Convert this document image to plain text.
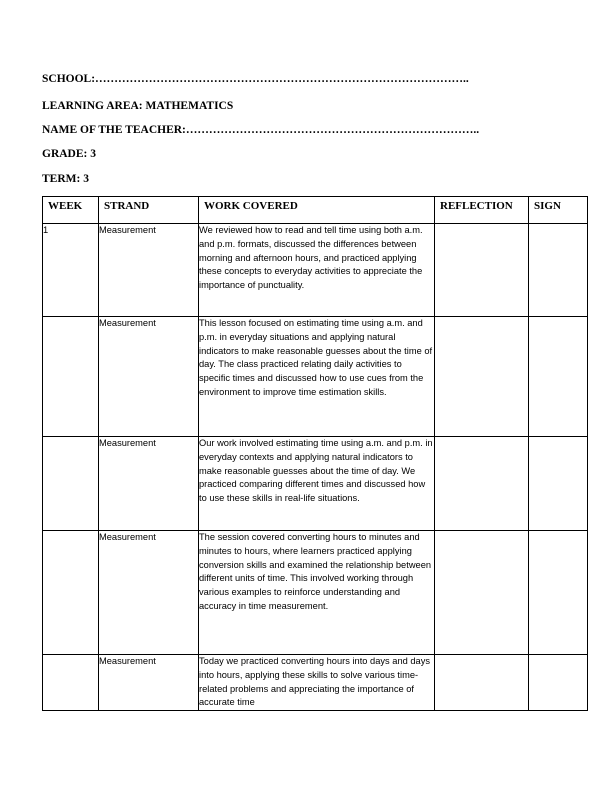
SCHOOL:……………………………………………………………………………………..
LEARNING AREA: MATHEMATICS
NAME OF THE TEACHER:…………………………………………………………………..
GRADE: 3
TERM: 3
WEEK	STRAND	WORK COVERED	REFLECTION	SIGN
1	Measurement	We reviewed how to read and tell time using both a.m. and p.m. formats, discussed the differences between morning and afternoon hours, and practiced applying these concepts to everyday activities to appreciate the importance of punctuality.		
	Measurement	This lesson focused on estimating time using a.m. and p.m. in everyday situations and applying natural indicators to make reasonable guesses about the time of day. The class practiced relating daily activities to specific times and discussed how to use cues from the environment to improve time estimation skills.		
	Measurement	Our work involved estimating time using a.m. and p.m. in everyday contexts and applying natural indicators to make reasonable guesses about the time of day. We practiced comparing different times and discussed how to use these skills in real-life situations.		
	Measurement	The session covered converting hours to minutes and minutes to hours, where learners practiced applying conversion skills and examined the relationship between different units of time. This involved working through various examples to reinforce understanding and accuracy in time measurement.		
	Measurement	Today we practiced converting hours into days and days into hours, applying these skills to solve various time-related problems and appreciating the importance of accurate time		
